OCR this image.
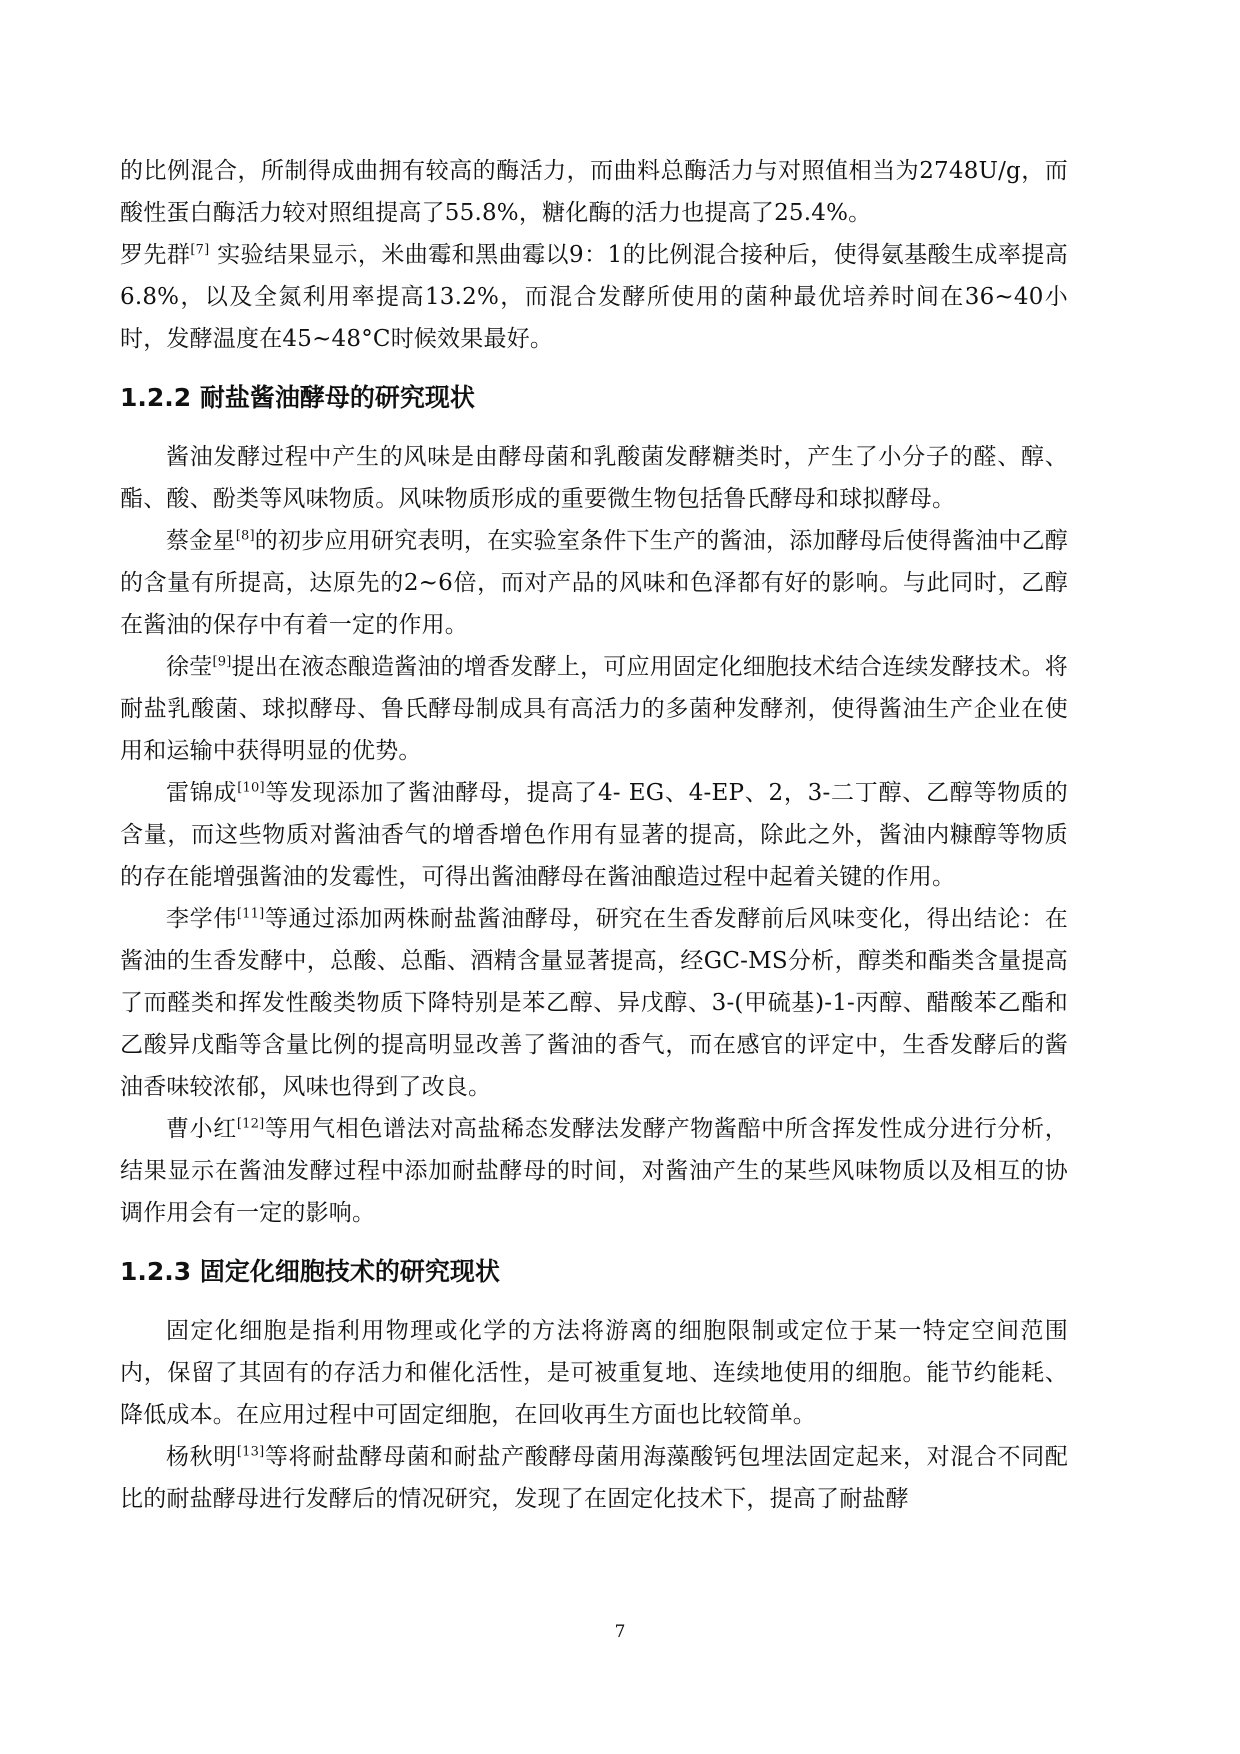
的比例混合，所制得成曲拥有较高的酶活力，而曲料总酶活力与对照值相当为2748U/g，而酸性蛋白酶活力较对照组提高了55.8%，糖化酶的活力也提高了25.4%。

罗先群[7] 实验结果显示，米曲霉和黑曲霉以9：1的比例混合接种后，使得氨基酸生成率提高6.8%，以及全氮利用率提高13.2%，而混合发酵所使用的菌种最优培养时间在36~40小时，发酵温度在45~48°C时候效果最好。

1.2.2 耐盐酱油酵母的研究现状

酱油发酵过程中产生的风味是由酵母菌和乳酸菌发酵糖类时，产生了小分子的醛、醇、酯、酸、酚类等风味物质。风味物质形成的重要微生物包括鲁氏酵母和球拟酵母。

蔡金星[8]的初步应用研究表明，在实验室条件下生产的酱油，添加酵母后使得酱油中乙醇的含量有所提高，达原先的2~6倍，而对产品的风味和色泽都有好的影响。与此同时，乙醇在酱油的保存中有着一定的作用。

徐莹[9]提出在液态酿造酱油的增香发酵上，可应用固定化细胞技术结合连续发酵技术。将耐盐乳酸菌、球拟酵母、鲁氏酵母制成具有高活力的多菌种发酵剂，使得酱油生产企业在使用和运输中获得明显的优势。

雷锦成[10]等发现添加了酱油酵母，提高了4- EG、4-EP、2，3-二丁醇、乙醇等物质的含量，而这些物质对酱油香气的增香增色作用有显著的提高，除此之外，酱油内糠醇等物质的存在能增强酱油的发霉性，可得出酱油酵母在酱油酿造过程中起着关键的作用。

李学伟[11]等通过添加两株耐盐酱油酵母，研究在生香发酵前后风味变化，得出结论：在酱油的生香发酵中，总酸、总酯、酒精含量显著提高，经GC-MS分析，醇类和酯类含量提高了而醛类和挥发性酸类物质下降特别是苯乙醇、异戊醇、3-(甲硫基)-1-丙醇、醋酸苯乙酯和乙酸异戊酯等含量比例的提高明显改善了酱油的香气，而在感官的评定中，生香发酵后的酱油香味较浓郁，风味也得到了改良。

曹小红[12]等用气相色谱法对高盐稀态发酵法发酵产物酱醅中所含挥发性成分进行分析，结果显示在酱油发酵过程中添加耐盐酵母的时间，对酱油产生的某些风味物质以及相互的协调作用会有一定的影响。

1.2.3 固定化细胞技术的研究现状

固定化细胞是指利用物理或化学的方法将游离的细胞限制或定位于某一特定空间范围内，保留了其固有的存活力和催化活性，是可被重复地、连续地使用的细胞。能节约能耗、降低成本。在应用过程中可固定细胞，在回收再生方面也比较简单。

杨秋明[13]等将耐盐酵母菌和耐盐产酸酵母菌用海藻酸钙包埋法固定起来，对混合不同配比的耐盐酵母进行发酵后的情况研究，发现了在固定化技术下，提高了耐盐酵

7
